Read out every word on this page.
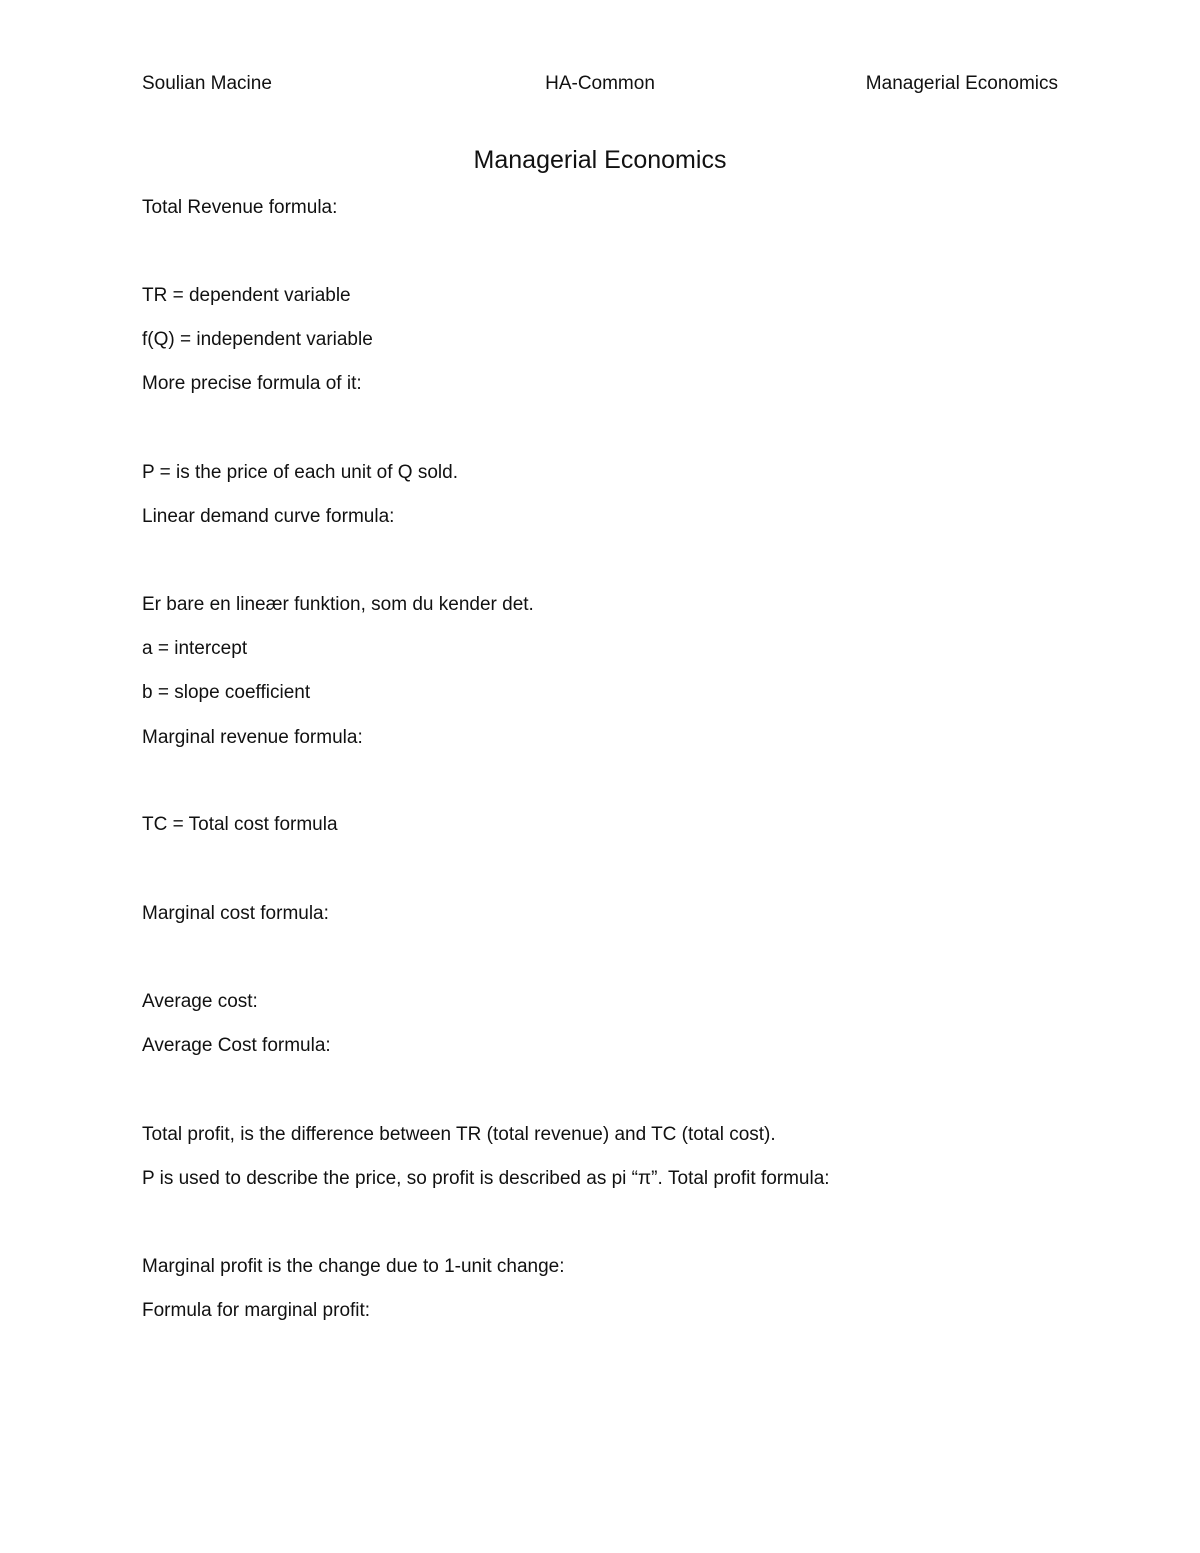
Soulian Macine	HA-Common	Managerial Economics
Managerial Economics
Total Revenue formula:
TR = dependent variable
f(Q) = independent variable
More precise formula of it:
P = is the price of each unit of Q sold.
Linear demand curve formula:
Er bare en lineær funktion, som du kender det.
a = intercept
b = slope coefficient
Marginal revenue formula:
TC = Total cost formula
Marginal cost formula:
Average cost:
Average Cost formula:
Total profit, is the difference between TR (total revenue) and TC (total cost).
P is used to describe the price, so profit is described as pi “π”. Total profit formula:
Marginal profit is the change due to 1-unit change:
Formula for marginal profit:
